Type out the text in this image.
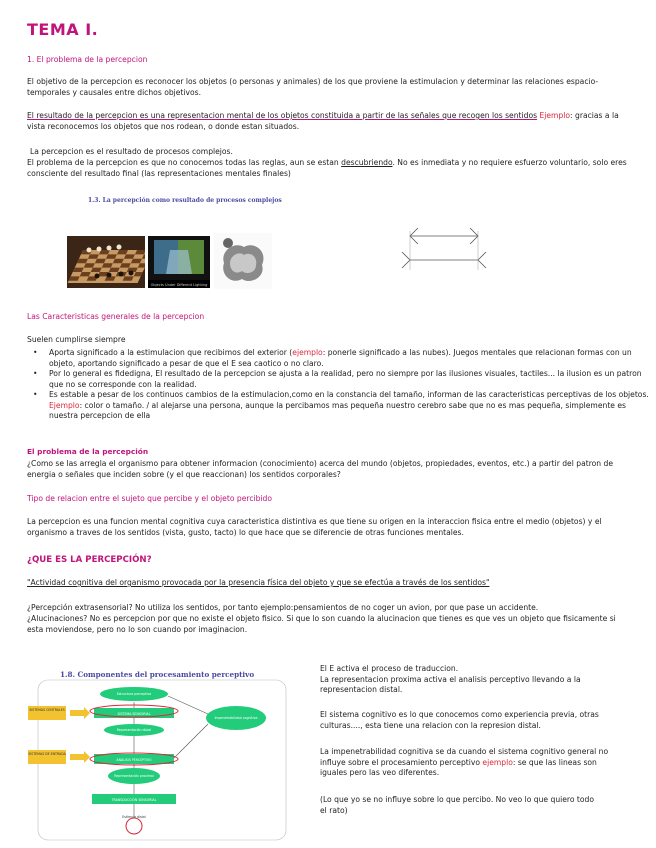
TEMA I.
1. El problema de la percepcion
El objetivo de la percepcion es reconocer los objetos (o personas y animales) de los que proviene la estimulacion y determinar las relaciones espacio-temporales y causales entre dichos objetivos.
El resultado de la percepcion es una representacion mental de los objetos constituida a partir de las señales que recogen los sentidos Ejemplo: gracias a la vista reconocemos los objetos que nos rodean, o donde estan situados.
La percepcion es el resultado de procesos complejos.
El problema de la percepcion es que no conocemos todas las reglas, aun se estan descubriendo. No es inmediata y no requiere esfuerzo voluntario, solo eres consciente del resultado final (las representaciones mentales finales)
1.3. La percepción como resultado de procesos complejos
Objects Under Different Lighting
Las Caracteristicas generales de la percepcion
Suelen cumplirse siempre
• Aporta significado a la estimulacion que recibimos del exterior (ejemplo: ponerle significado a las nubes). Juegos mentales que relacionan formas con un objeto, aportando significado a pesar de que el E sea caotico o no claro.
• Por lo general es fidedigna, El resultado de la percepcion se ajusta a la realidad, pero no siempre por las ilusiones visuales, tactiles... la ilusion es un patron que no se corresponde con la realidad.
• Es estable a pesar de los continuos cambios de la estimulacion,como en la constancia del tamaño, informan de las caracteristicas perceptivas de los objetos. Ejemplo: color o tamaño. / al alejarse una persona, aunque la percibamos mas pequeña nuestro cerebro sabe que no es mas pequeña, simplemente es nuestra percepcion de ella
El problema de la percepción
¿Como se las arregla el organismo para obtener informacion (conocimiento) acerca del mundo (objetos, propiedades, eventos, etc.) a partir del patron de energia o señales que inciden sobre (y el que reaccionan) los sentidos corporales?
Tipo de relacion entre el sujeto que percibe y el objeto percibido
La percepcion es una funcion mental cognitiva cuya caracteristica distintiva es que tiene su origen en la interaccion fisica entre el medio (objetos) y el organismo a traves de los sentidos (vista, gusto, tacto) lo que hace que se diferencie de otras funciones mentales.
¿QUE ES LA PERCEPCIÓN?
"Actividad cognitiva del organismo provocada por la presencia física del objeto y que se efectúa a través de los sentidos"
¿Percepción extrasensorial? No utiliza los sentidos, por tanto ejemplo:pensamientos de no coger un avion, por que pase un accidente.
¿Alucinaciones? No es percepcion por que no existe el objeto fisico. Si que lo son cuando la alucinacion que tienes es que ves un objeto que fisicamente si esta moviendose, pero no lo son cuando por imaginacion.
1.8. Componentes del procesamiento perceptivo
SISTEMAS CENTRALES
SISTEMAS DE ENTRADA
Estructura perceptiva
SISTEMA SENSORIAL
Representación distal
ANÁLISIS PERCEPTIVO
Representación proximal
Impenetrabilidad cognitiva
TRANSDUCCIÓN SENSORIAL
Estímulo distal
El E activa el proceso de traduccion.
La representacion proxima activa el analisis perceptivo llevando a la representacion distal.
El sistema cognitivo es lo que conocemos como experiencia previa, otras culturas...., esta tiene una relacion con la represion distal.
La impenetrabilidad cognitiva se da cuando el sistema cognitivo general no influye sobre el procesamiento perceptivo ejemplo: se que las lineas son iguales pero las veo diferentes.
(Lo que yo se no influye sobre lo que percibo. No veo lo que quiero todo el rato)
